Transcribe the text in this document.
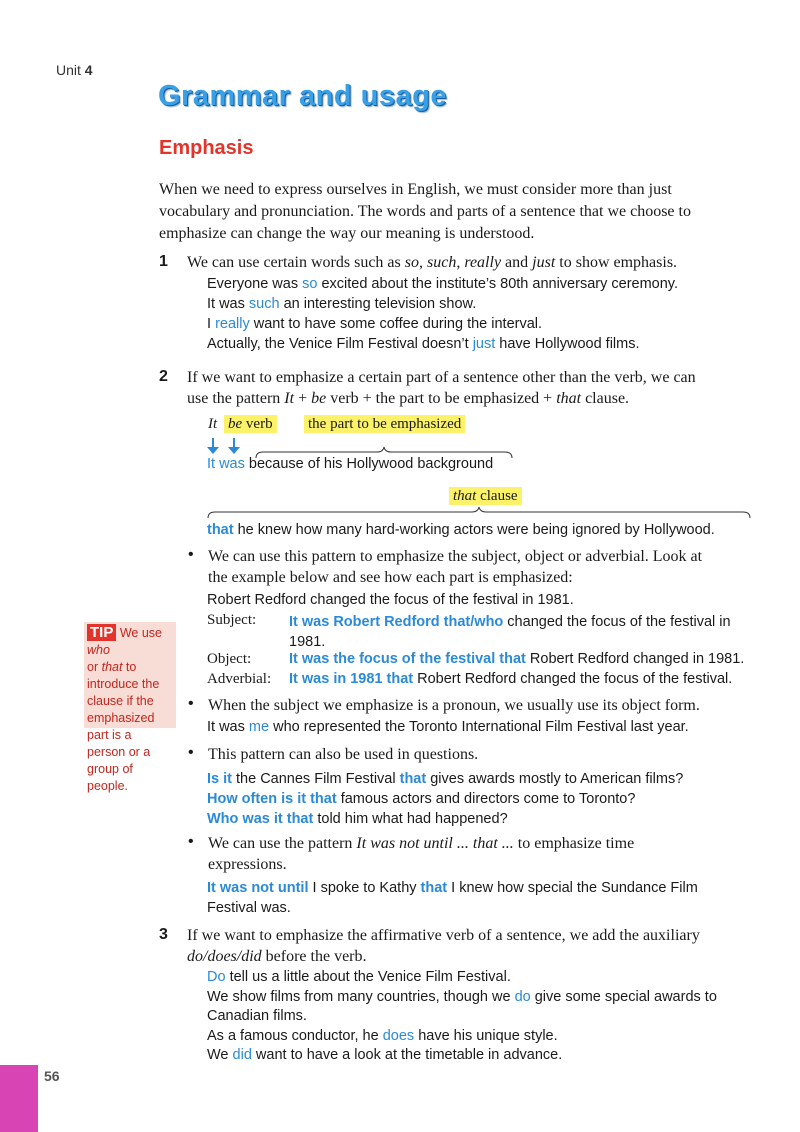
Unit 4
Grammar and usage
Emphasis
When we need to express ourselves in English, we must consider more than just
vocabulary and pronunciation. The words and parts of a sentence that we choose to
emphasize can change the way our meaning is understood.
1 We can use certain words such as so, such, really and just to show emphasis.
Everyone was so excited about the institute’s 80th anniversary ceremony.
It was such an interesting television show.
I really want to have some coffee during the interval.
Actually, the Venice Film Festival doesn’t just have Hollywood films.
2 If we want to emphasize a certain part of a sentence other than the verb, we can
use the pattern It + be verb + the part to be emphasized + that clause.
It be verb the part to be emphasized
It was because of his Hollywood background
that clause
that he knew how many hard-working actors were being ignored by Hollywood.
• We can use this pattern to emphasize the subject, object or adverbial. Look at
the example below and see how each part is emphasized:
Robert Redford changed the focus of the festival in 1981.
Subject: It was Robert Redford that/who changed the focus of the festival in
1981.
Object:	It was the focus of the festival that Robert Redford changed in 1981.
Adverbial: It was in 1981 that Robert Redford changed the focus of the festival.
• When the subject we emphasize is a pronoun, we usually use its object form.
It was me who represented the Toronto International Film Festival last year.
• This pattern can also be used in questions.
Is it the Cannes Film Festival that gives awards mostly to American films?
How often is it that famous actors and directors come to Toronto?
Who was it that told him what had happened?
• We can use the pattern It was not until ... that ... to emphasize time
expressions.
It was not until I spoke to Kathy that I knew how special the Sundance Film
Festival was.
3 If we want to emphasize the affirmative verb of a sentence, we add the auxiliary
do/does/did before the verb.
Do tell us a little about the Venice Film Festival.
We show films from many countries, though we do give some special awards to
Canadian films.
As a famous conductor, he does have his unique style.
We did want to have a look at the timetable in advance.
TIP We use who
or that to introduce the clause if the emphasized part is a person or a group of people.
56
